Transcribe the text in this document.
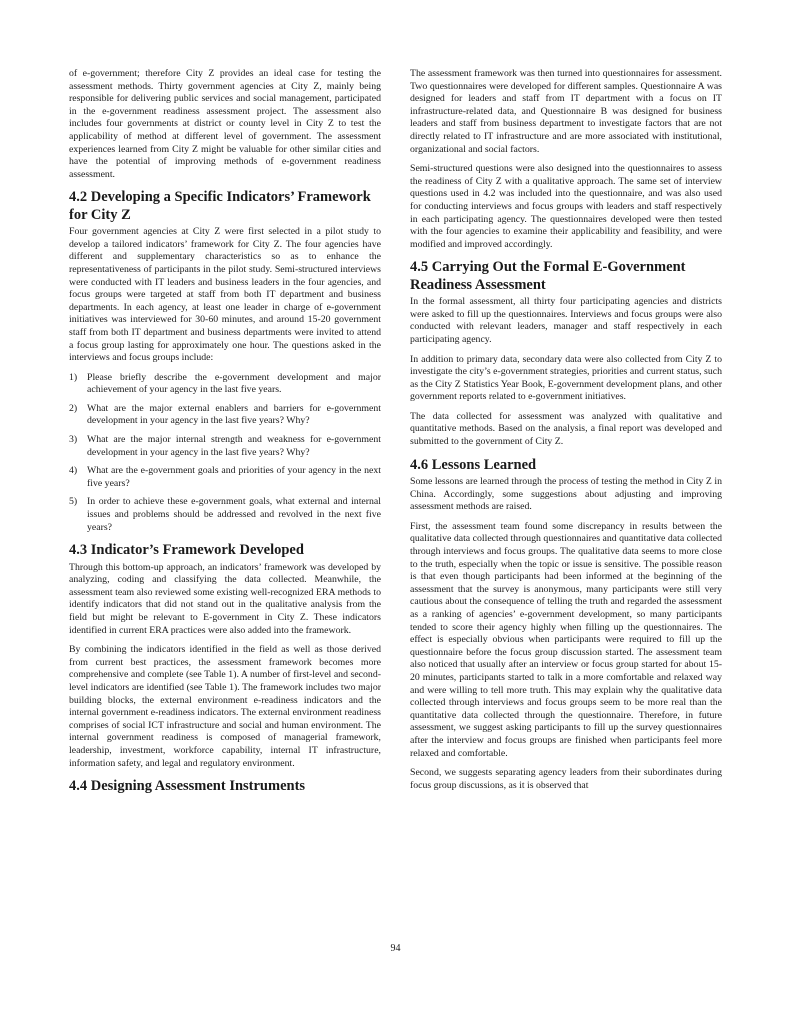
of e-government; therefore City Z provides an ideal case for testing the assessment methods. Thirty government agencies at City Z, mainly being responsible for delivering public services and social management, participated in the e-government readiness assessment project. The assessment also includes four governments at district or county level in City Z to test the applicability of method at different level of government. The assessment experiences learned from City Z might be valuable for other similar cities and have the potential of improving methods of e-government readiness assessment.

4.2 Developing a Specific Indicators’ Framework for City Z

Four government agencies at City Z were first selected in a pilot study to develop a tailored indicators’ framework for City Z. The four agencies have different and supplementary characteristics so as to enhance the representativeness of participants in the pilot study. Semi-structured interviews were conducted with IT leaders and business leaders in the four agencies, and focus groups were targeted at staff from both IT department and business departments. In each agency, at least one leader in charge of e-government initiatives was interviewed for 30-60 minutes, and around 15-20 government staff from both IT department and business departments were invited to attend a focus group lasting for approximately one hour. The questions asked in the interviews and focus groups include:

1) Please briefly describe the e-government development and major achievement of your agency in the last five years.
2) What are the major external enablers and barriers for e-government development in your agency in the last five years? Why?
3) What are the major internal strength and weakness for e-government development in your agency in the last five years? Why?
4) What are the e-government goals and priorities of your agency in the next five years?
5) In order to achieve these e-government goals, what external and internal issues and problems should be addressed and revolved in the next five years?
4.3 Indicator’s Framework Developed

Through this bottom-up approach, an indicators’ framework was developed by analyzing, coding and classifying the data collected. Meanwhile, the assessment team also reviewed some existing well-recognized ERA methods to identify indicators that did not stand out in the qualitative analysis from the field but might be relevant to E-government in City Z. These indicators identified in current ERA practices were also added into the framework.

By combining the indicators identified in the field as well as those derived from current best practices, the assessment framework becomes more comprehensive and complete (see Table 1). A number of first-level and second-level indicators are identified (see Table 1). The framework includes two major building blocks, the external environment e-readiness indicators and the internal government e-readiness indicators. The external environment readiness comprises of social ICT infrastructure and social and human environment. The internal government readiness is composed of managerial framework, leadership, investment, workforce capability, internal IT infrastructure, information safety, and legal and regulatory environment.

4.4 Designing Assessment Instruments

The assessment framework was then turned into questionnaires for assessment. Two questionnaires were developed for different samples. Questionnaire A was designed for leaders and staff from IT department with a focus on IT infrastructure-related data, and Questionnaire B was designed for business leaders and staff from business department to investigate factors that are not directly related to IT infrastructure and are more associated with institutional, organizational and social factors.

Semi-structured questions were also designed into the questionnaires to assess the readiness of City Z with a qualitative approach. The same set of interview questions used in 4.2 was included into the questionnaire, and was also used for conducting interviews and focus groups with leaders and staff respectively in each participating agency. The questionnaires developed were then tested with the four agencies to examine their applicability and feasibility, and were modified and improved accordingly.

4.5 Carrying Out the Formal E-Government Readiness Assessment

In the formal assessment, all thirty four participating agencies and districts were asked to fill up the questionnaires. Interviews and focus groups were also conducted with relevant leaders, manager and staff respectively in each participating agency.

In addition to primary data, secondary data were also collected from City Z to investigate the city’s e-government strategies, priorities and current status, such as the City Z Statistics Year Book, E-government development plans, and other government reports related to e-government initiatives.

The data collected for assessment was analyzed with qualitative and quantitative methods. Based on the analysis, a final report was developed and submitted to the government of City Z.

4.6 Lessons Learned

Some lessons are learned through the process of testing the method in City Z in China. Accordingly, some suggestions about adjusting and improving assessment methods are raised.

First, the assessment team found some discrepancy in results between the qualitative data collected through questionnaires and quantitative data collected through interviews and focus groups. The qualitative data seems to more close to the truth, especially when the topic or issue is sensitive. The possible reason is that even though participants had been informed at the beginning of the assessment that the survey is anonymous, many participants were still very cautious about the consequence of telling the truth and regarded the assessment as a ranking of agencies’ e-government development, so many participants tended to score their agency highly when filling up the questionnaires. The effect is especially obvious when participants were required to fill up the questionnaire before the focus group discussion started. The assessment team also noticed that usually after an interview or focus group started for about 15-20 minutes, participants started to talk in a more comfortable and relaxed way and were willing to tell more truth. This may explain why the qualitative data collected through interviews and focus groups seem to be more real than the quantitative data collected through the questionnaire. Therefore, in future assessment, we suggest asking participants to fill up the survey questionnaires after the interview and focus groups are finished when participants feel more relaxed and comfortable.

Second, we suggests separating agency leaders from their subordinates during focus group discussions, as it is observed that

94
